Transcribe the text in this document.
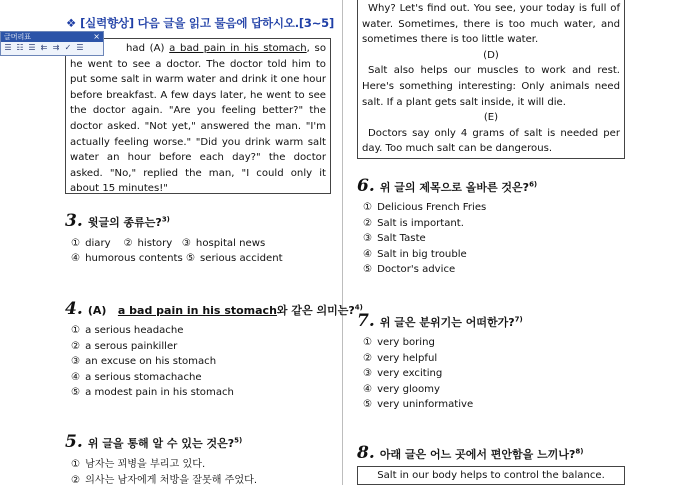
❖ [실력향상] 다음 글을 읽고 물음에 답하시오.[3~5]
had (A) a bad pain in his stomach, so he went to see a doctor. The doctor told him to put some salt in warm water and drink it one hour before breakfast. A few days later, he went to see the doctor again. "Are you feeling better?" the doctor asked. "Not yet," answered the man. "I'm actually feeling worse." "Did you drink warm salt water an hour before each day?" the doctor asked. "No," replied the man, "I could only it about 15 minutes!"
글머리표	×
☰ ☷ ☰ ⇇ ⇉ ✓ ☰
3. 윗글의 종류는?$^{3)}$
① diary ② history ③ hospital news
④ humorous contents ⑤ serious accident
4. (A) a bad pain in his stomach와 같은 의미는?$^{4)}$
① a serious headache
② a serous painkiller
③ an excuse on his stomach
④ a serious stomachache
⑤ a modest pain in his stomach
5. 위 글을 통해 알 수 있는 것은?$^{5)}$
① 남자는 꾀병을 부리고 있다.
② 의사는 남자에게 처방을 잘못해 주었다.
Why? Let's find out. You see, your today is full of water. Sometimes, there is too much water, and sometimes there is too little water.
(D)
Salt also helps our muscles to work and rest. Here's something interesting: Only animals need salt. If a plant gets salt inside, it will die.
(E)
Doctors say only 4 grams of salt is needed per day. Too much salt can be dangerous.
6. 위 글의 제목으로 올바른 것은?$^{6)}$
① Delicious French Fries
② Salt is important.
③ Salt Taste
④ Salt in big trouble
⑤ Doctor's advice
7. 위 글은 분위기는 어떠한가?$^{7)}$
① very boring
② very helpful
③ very exciting
④ very gloomy
⑤ very uninformative
8. 아래 글은 어느 곳에서 편안함을 느끼나?$^{8)}$
Salt in our body helps to control the balance.
